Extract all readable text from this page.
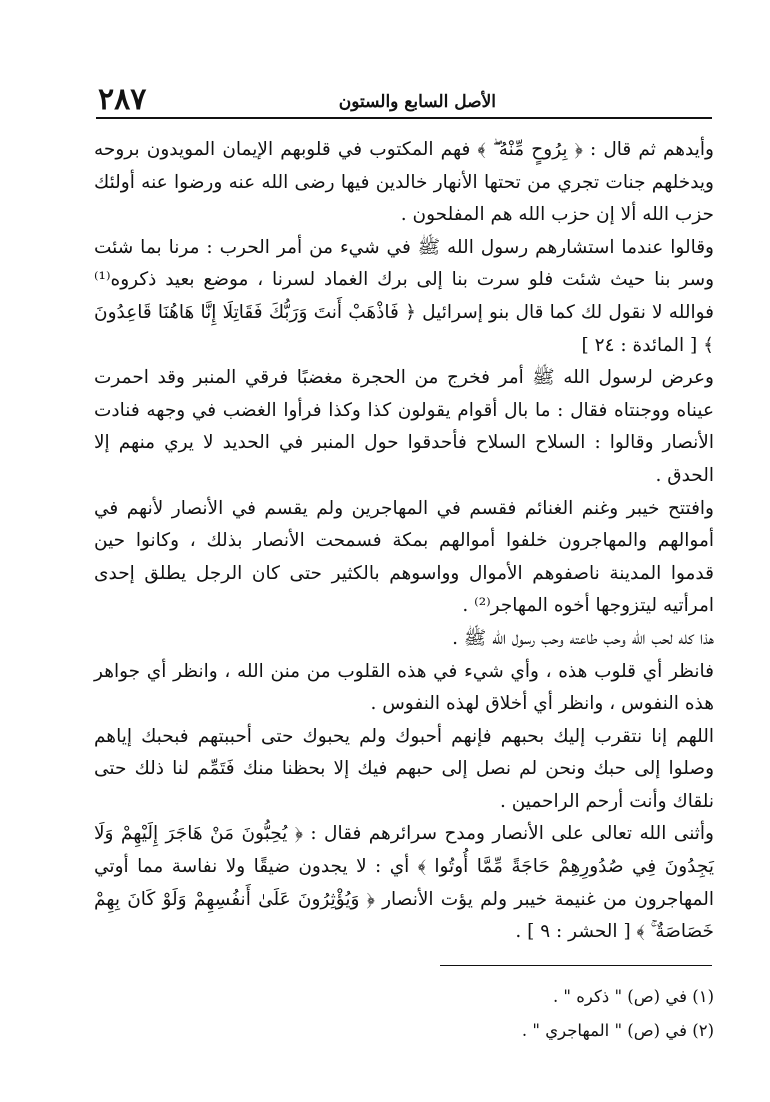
الأصل السابع والستون
٢٨٧

وأيدهم ثم قال : ﴿ بِرُوحٍ مِّنْهُ ۖ ﴾ فهم المكتوب في قلوبهم الإيمان المويدون بروحه ويدخلهم جنات تجري من تحتها الأنهار خالدين فيها رضى الله عنه ورضوا عنه أولئك حزب الله ألا إن حزب الله هم المفلحون .

وقالوا عندما استشارهم رسول الله ﷺ في شيء من أمر الحرب : مرنا بما شئت وسر بنا حيث شئت فلو سرت بنا إلى برك الغماد لسرنا ، موضع بعيد ذكروه⁽¹⁾ فوالله لا نقول لك كما قال بنو إسرائيل ﴿ فَاذْهَبْ أَنتَ وَرَبُّكَ فَقَاتِلَا إِنَّا هَاهُنَا قَاعِدُونَ ﴾ [ المائدة : ٢٤ ]

وعرض لرسول الله ﷺ أمر فخرج من الحجرة مغضبًا فرقي المنبر وقد احمرت عيناه ووجنتاه فقال : ما بال أقوام يقولون كذا وكذا فرأوا الغضب في وجهه فنادت الأنصار وقالوا : السلاح السلاح فأحدقوا حول المنبر في الحديد لا يري منهم إلا الحدق .

وافتتح خيبر وغنم الغنائم فقسم في المهاجرين ولم يقسم في الأنصار لأنهم في أموالهم والمهاجرون خلفوا أموالهم بمكة فسمحت الأنصار بذلك ، وكانوا حين قدموا المدينة ناصفوهم الأموال وواسوهم بالكثير حتى كان الرجل يطلق إحدى امرأتيه ليتزوجها أخوه المهاجر⁽²⁾ .

هذا كله لحب الله وحب طاعته وحب رسول الله ﷺ .

فانظر أي قلوب هذه ، وأي شيء في هذه القلوب من منن الله ، وانظر أي جواهر هذه النفوس ، وانظر أي أخلاق لهذه النفوس .

اللهم إنا نتقرب إليك بحبهم فإنهم أحبوك ولم يحبوك حتى أحببتهم فبحبك إياهم وصلوا إلى حبك ونحن لم نصل إلى حبهم فيك إلا بحظنا منك فَتَمِّم لنا ذلك حتى نلقاك وأنت أرحم الراحمين .

وأثنى الله تعالى على الأنصار ومدح سرائرهم فقال : ﴿ يُحِبُّونَ مَنْ هَاجَرَ إِلَيْهِمْ وَلَا يَجِدُونَ فِي صُدُورِهِمْ حَاجَةً مِّمَّا أُوتُوا ﴾ أي : لا يجدون ضيقًا ولا نفاسة مما أوتي المهاجرون من غنيمة خيبر ولم يؤت الأنصار ﴿ وَيُؤْثِرُونَ عَلَىٰ أَنفُسِهِمْ وَلَوْ كَانَ بِهِمْ خَصَاصَةٌ ۚ ﴾ [ الحشر : ٩ ] .

(١) في (ص) " ذكره " .
(٢) في (ص) " المهاجري " .
